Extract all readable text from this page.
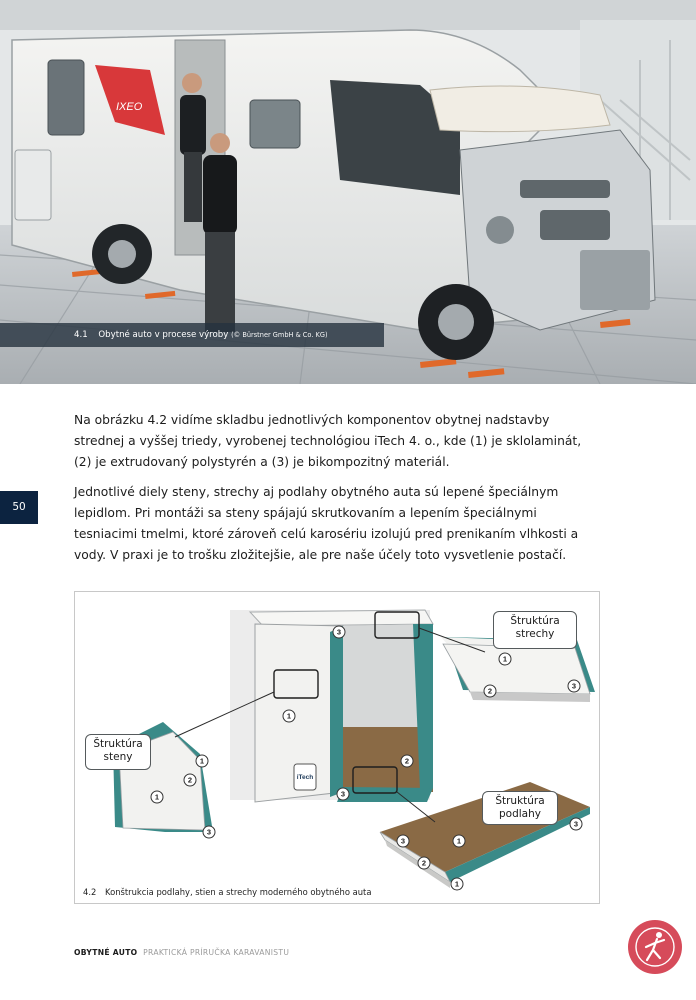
IXEO
4.1 Obytné auto v procese výroby (© Bürstner GmbH & Co. KG)
50

Na obrázku 4.2 vidíme skladbu jednotlivých komponentov obytnej nadstavby strednej a vyššej triedy, vyrobenej technológiou iTech 4. o., kde (1) je sklolaminát, (2) je extrudovaný polystyrén a (3) je bikompozitný materiál.

Jednotlivé diely steny, strechy aj podlahy obytného auta sú lepené špeciálnym lepidlom. Pri montáži sa steny spájajú skrutkovaním a lepením špeciálnymi tesniacimi tmelmi, ktoré zároveň celú karosériu izolujú pred prenikaním vlhkosti a vody. V praxi je to trošku zložitejšie, ale pre naše účely toto vysvetlenie postačí.

1
3
2
3
1
2
3
1
2
1
3
3
3	1
2
1
iTech
Štruktúra
strechy
Štruktúra
steny
Štruktúra
podlahy
4.2 Konštrukcia podlahy, stien a strechy moderného obytného auta
OBYTNÉ AUTO PRAKTICKÁ PRÍRUČKA KARAVANISTU
